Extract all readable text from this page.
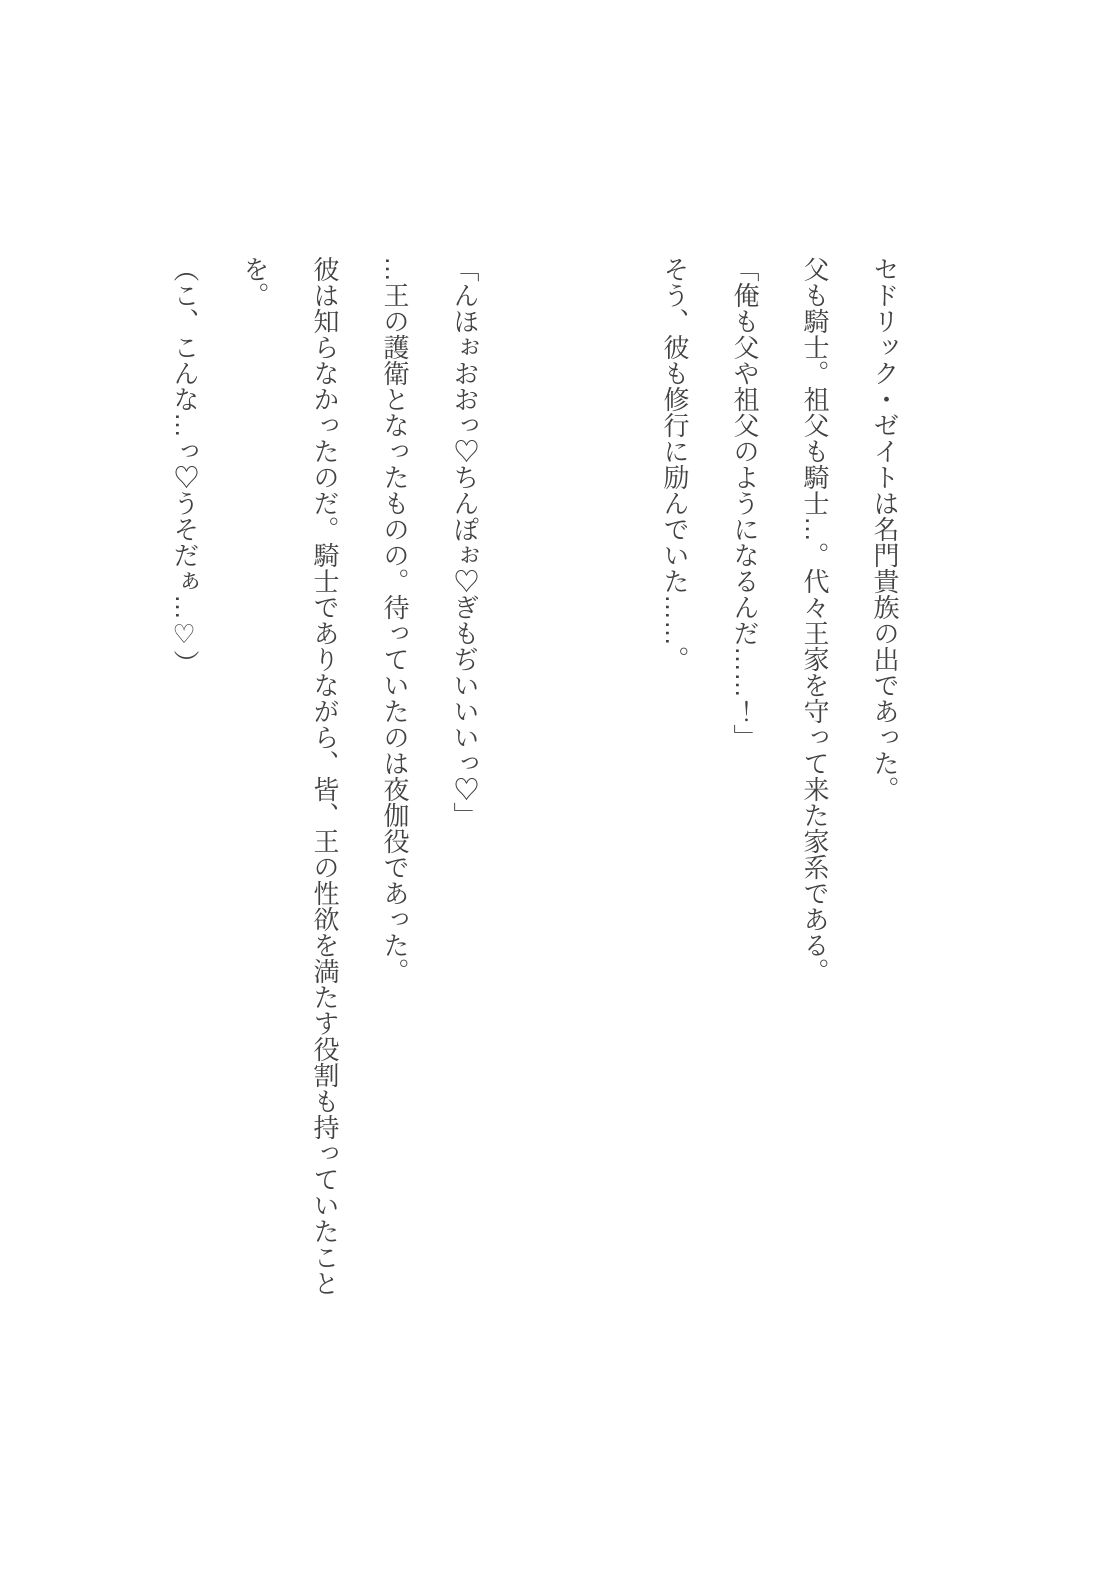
セドリック・ゼイトは名門貴族の出であった。

父も騎士。祖父も騎士…。代々王家を守って来た家系である。

「俺も父や祖父のようになるんだ……！」

そう、彼も修行に励んでいた……。

「んほぉおおっ♡ちんぽぉ♡ぎもぢいいいっ♡」

…王の護衛となったものの。待っていたのは夜伽役であった。

彼は知らなかったのだ。騎士でありながら、皆、王の性欲を満たす役割も持っていたことを。

（こ、こんな…っ♡うそだぁ…♡）
